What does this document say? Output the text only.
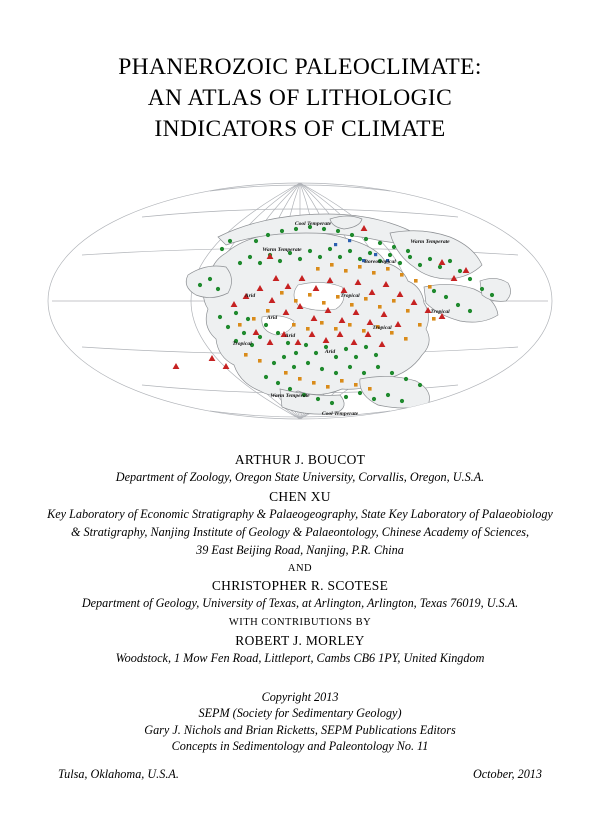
PHANEROZOIC PALEOCLIMATE:
AN ATLAS OF LITHOLOGIC
INDICATORS OF CLIMATE
Cool Temperate
Warm Temperate
Warm Temperate
Boreotropical
Arid	Tropical
Tropical
Arid
Tropical
Arid
Tropical
Arid
Warm Temperate
Cool Temperate
ARTHUR J. BOUCOT
Department of Zoology, Oregon State University, Corvallis, Oregon, U.S.A.
CHEN XU
Key Laboratory of Economic Stratigraphy & Palaeogeography, State Key Laboratory of Palaeobiology
& Stratigraphy, Nanjing Institute of Geology & Palaeontology, Chinese Academy of Sciences,
39 East Beijing Road, Nanjing, P.R. China
AND
CHRISTOPHER R. SCOTESE
Department of Geology, University of Texas, at Arlington, Arlington, Texas 76019, U.S.A.
WITH CONTRIBUTIONS BY
ROBERT J. MORLEY
Woodstock, 1 Mow Fen Road, Littleport, Cambs CB6 1PY, United Kingdom
Copyright 2013
SEPM (Society for Sedimentary Geology)
Gary J. Nichols and Brian Ricketts, SEPM Publications Editors
Concepts in Sedimentology and Paleontology No. 11
Tulsa, Oklahoma, U.S.A.	October, 2013
